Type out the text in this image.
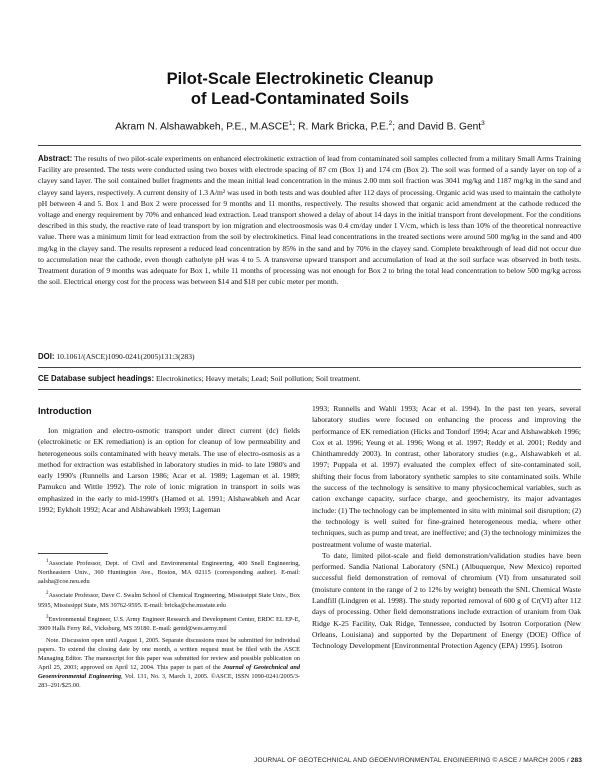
Pilot-Scale Electrokinetic Cleanup
of Lead-Contaminated Soils
Akram N. Alshawabkeh, P.E., M.ASCE$^1$; R. Mark Bricka, P.E.$^2$; and David B. Gent$^3$
Abstract: The results of two pilot-scale experiments on enhanced electrokinetic extraction of lead from contaminated soil samples collected from a military Small Arms Training Facility are presented. The tests were conducted using two boxes with electrode spacing of 87 cm (Box 1) and 174 cm (Box 2). The soil was formed of a sandy layer on top of a clayey sand layer. The soil contained bullet fragments and the mean initial lead concentration in the minus 2.00 mm soil fraction was 3041 mg/kg and 1187 mg/kg in the sand and clayey sand layers, respectively. A current density of 1.3 A/m² was used in both tests and was doubled after 112 days of processing. Organic acid was used to maintain the catholyte pH between 4 and 5. Box 1 and Box 2 were processed for 9 months and 11 months, respectively. The results showed that organic acid amendment at the cathode reduced the voltage and energy requirement by 70% and enhanced lead extraction. Lead transport showed a delay of about 14 days in the initial transport front development. For the conditions described in this study, the reactive rate of lead transport by ion migration and electroosmosis was 0.4 cm/day under 1 V/cm, which is less than 10% of the theoretical nonreactive value. There was a minimum limit for lead extraction from the soil by electrokinetics. Final lead concentrations in the treated sections were around 500 mg/kg in the sand and 400 mg/kg in the clayey sand. The results represent a reduced lead concentration by 85% in the sand and by 70% in the clayey sand. Complete breakthrough of lead did not occur due to accumulation near the cathode, even though catholyte pH was 4 to 5. A transverse upward transport and accumulation of lead at the soil surface was observed in both tests. Treatment duration of 9 months was adequate for Box 1, while 11 months of processing was not enough for Box 2 to bring the total lead concentration to below 500 mg/kg across the soil. Electrical energy cost for the process was between $14 and $18 per cubic meter per month.
DOI: 10.1061/(ASCE)1090-0241(2005)131:3(283)
CE Database subject headings: Electrokinetics; Heavy metals; Lead; Soil pollution; Soil treatment.
Introduction

Ion migration and electro-osmotic transport under direct current (dc) fields (electrokinetic or EK remediation) is an option for cleanup of low permeability and heterogeneous soils contaminated with heavy metals. The use of electro-osmosis as a method for extraction was established in laboratory studies in mid- to late 1980's and early 1990's (Runnells and Larson 1986; Acar et al. 1989; Lageman et al. 1989; Pamukcu and Wittle 1992). The role of ionic migration in transport in soils was emphasized in the early to mid-1990's (Hamed et al. 1991; Alshawabkeh and Acar 1992; Eykholt 1992; Acar and Alshawabkeh 1993; Lageman

$^1$Associate Professor, Dept. of Civil and Environmental Engineering, 400 Snell Engineering, Northeastern Univ., 360 Huntington Ave., Boston, MA 02115 (corresponding author). E-mail: aalsha@coe.neu.edu

$^2$Associate Professor, Dave C. Swalm School of Chemical Engineering, Mississippi State Univ., Box 9595, Mississippi State, MS 39762-9595. E-mail: bricka@che.msstate.edu

$^3$Environmental Engineer, U.S. Army Engineer Research and Development Center, ERDC EL EP-E, 3909 Halls Ferry Rd., Vicksburg, MS 39180. E-mail: gentd@wes.army.mil

Note. Discussion open until August 1, 2005. Separate discussions must be submitted for individual papers. To extend the closing date by one month, a written request must be filed with the ASCE Managing Editor. The manuscript for this paper was submitted for review and possible publication on April 25, 2003; approved on April 12, 2004. This paper is part of the Journal of Geotechnical and Geoenvironmental Engineering, Vol. 131, No. 3, March 1, 2005. ©ASCE, ISSN 1090-0241/2005/3-283–291/$25.00.

1993; Runnells and Wahli 1993; Acar et al. 1994). In the past ten years, several laboratory studies were focused on enhancing the process and improving the performance of EK remediation (Hicks and Tondorf 1994; Acar and Alshawabkeh 1996; Cox et al. 1996; Yeung et al. 1996; Wong et al. 1997; Reddy et al. 2001; Reddy and Chinthamreddy 2003). In contrast, other laboratory studies (e.g., Alshawabkeh et al. 1997; Puppala et al. 1997) evaluated the complex effect of site-contaminated soil, shifting their focus from laboratory synthetic samples to site contaminated soils. While the success of the technology is sensitive to many physicochemical variables, such as cation exchange capacity, surface charge, and geochemistry, its major advantages include: (1) The technology can be implemented in situ with minimal soil disruption; (2) the technology is well suited for fine-grained heterogeneous media, where other techniques, such as pump and treat, are ineffective; and (3) the technology minimizes the postreatment volume of waste material.

To date, limited pilot-scale and field demonstration/validation studies have been performed. Sandia National Laboratory (SNL) (Albuquerque, New Mexico) reported successful field demonstration of removal of chromium (VI) from unsaturated soil (moisture content in the range of 2 to 12% by weight) beneath the SNL Chemical Waste Landfill (Lindgren et al. 1998). The study reported removal of 600 g of Cr(VI) after 112 days of processing. Other field demonstrations include extraction of uranium from Oak Ridge K-25 Facility, Oak Ridge, Tennessee, conducted by Isotron Corporation (New Orleans, Louisiana) and supported by the Department of Energy (DOE) Office of Technology Development [Environmental Protection Agency (EPA) 1995]. Isotron

JOURNAL OF GEOTECHNICAL AND GEOENVIRONMENTAL ENGINEERING © ASCE / MARCH 2005 / 283
